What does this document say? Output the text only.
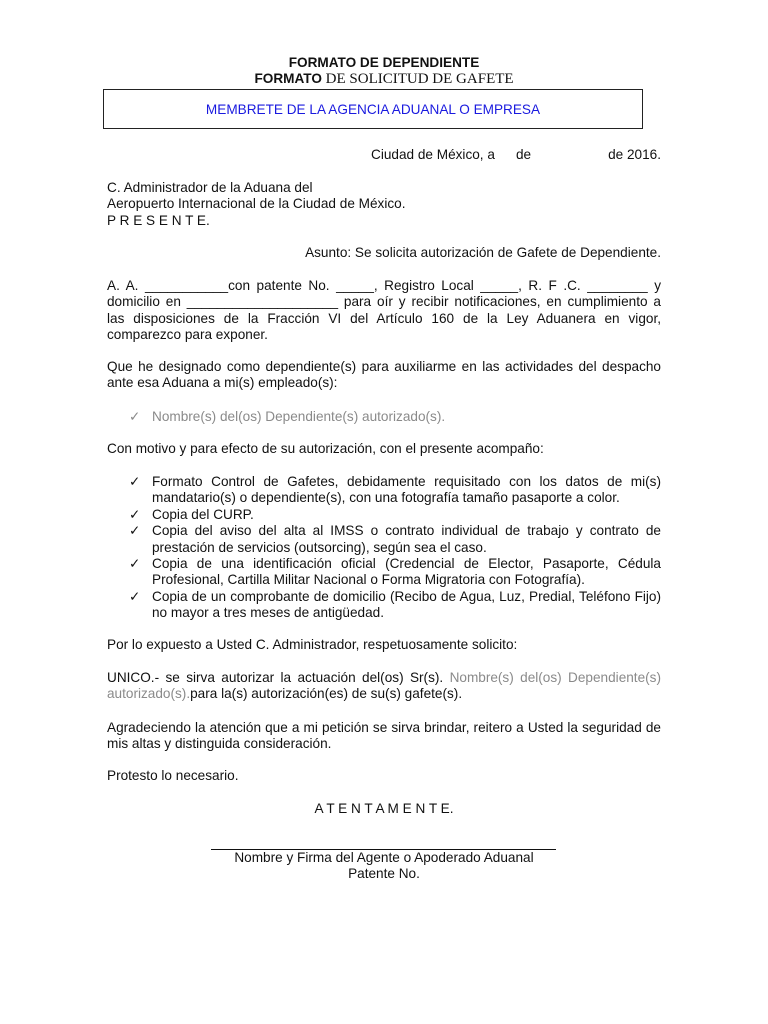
FORMATO DE DEPENDIENTE
FORMATO DE SOLICITUD DE GAFETE
MEMBRETE DE LA AGENCIA ADUANAL O EMPRESA
Ciudad de México, a de	de 2016.
C. Administrador de la Aduana del
Aeropuerto Internacional de la Ciudad de México.
P R E S E N T E.
Asunto: Se solicita autorización de Gafete de Dependiente.
A. A. ___________con patente No. _____, Registro Local _____, R. F .C. ________ y
domicilio en ____________________ para oír y recibir notificaciones, en cumplimiento a
las disposiciones de la Fracción VI del Artículo 160 de la Ley Aduanera en vigor,
comparezco para exponer.
Que he designado como dependiente(s) para auxiliarme en las actividades del despacho
ante esa Aduana a mi(s) empleado(s):
✓ Nombre(s) del(os) Dependiente(s) autorizado(s).
Con motivo y para efecto de su autorización, con el presente acompaño:
✓ Formato Control de Gafetes, debidamente requisitado con los datos de mi(s) mandatario(s) o dependiente(s), con una fotografía tamaño pasaporte a color.
✓ Copia del CURP.
✓ Copia del aviso del alta al IMSS o contrato individual de trabajo y contrato de prestación de servicios (outsorcing), según sea el caso.
✓ Copia de una identificación oficial (Credencial de Elector, Pasaporte, Cédula Profesional, Cartilla Militar Nacional o Forma Migratoria con Fotografía).
✓ Copia de un comprobante de domicilio (Recibo de Agua, Luz, Predial, Teléfono Fijo) no mayor a tres meses de antigüedad.
Por lo expuesto a Usted C. Administrador, respetuosamente solicito:
UNICO.- se sirva autorizar la actuación del(os) Sr(s). Nombre(s) del(os) Dependiente(s) autorizado(s).para la(s) autorización(es) de su(s) gafete(s).
Agradeciendo la atención que a mi petición se sirva brindar, reitero a Usted la seguridad de mis altas y distinguida consideración.
Protesto lo necesario.
A T E N T A M E N T E.
Nombre y Firma del Agente o Apoderado Aduanal
Patente No.
